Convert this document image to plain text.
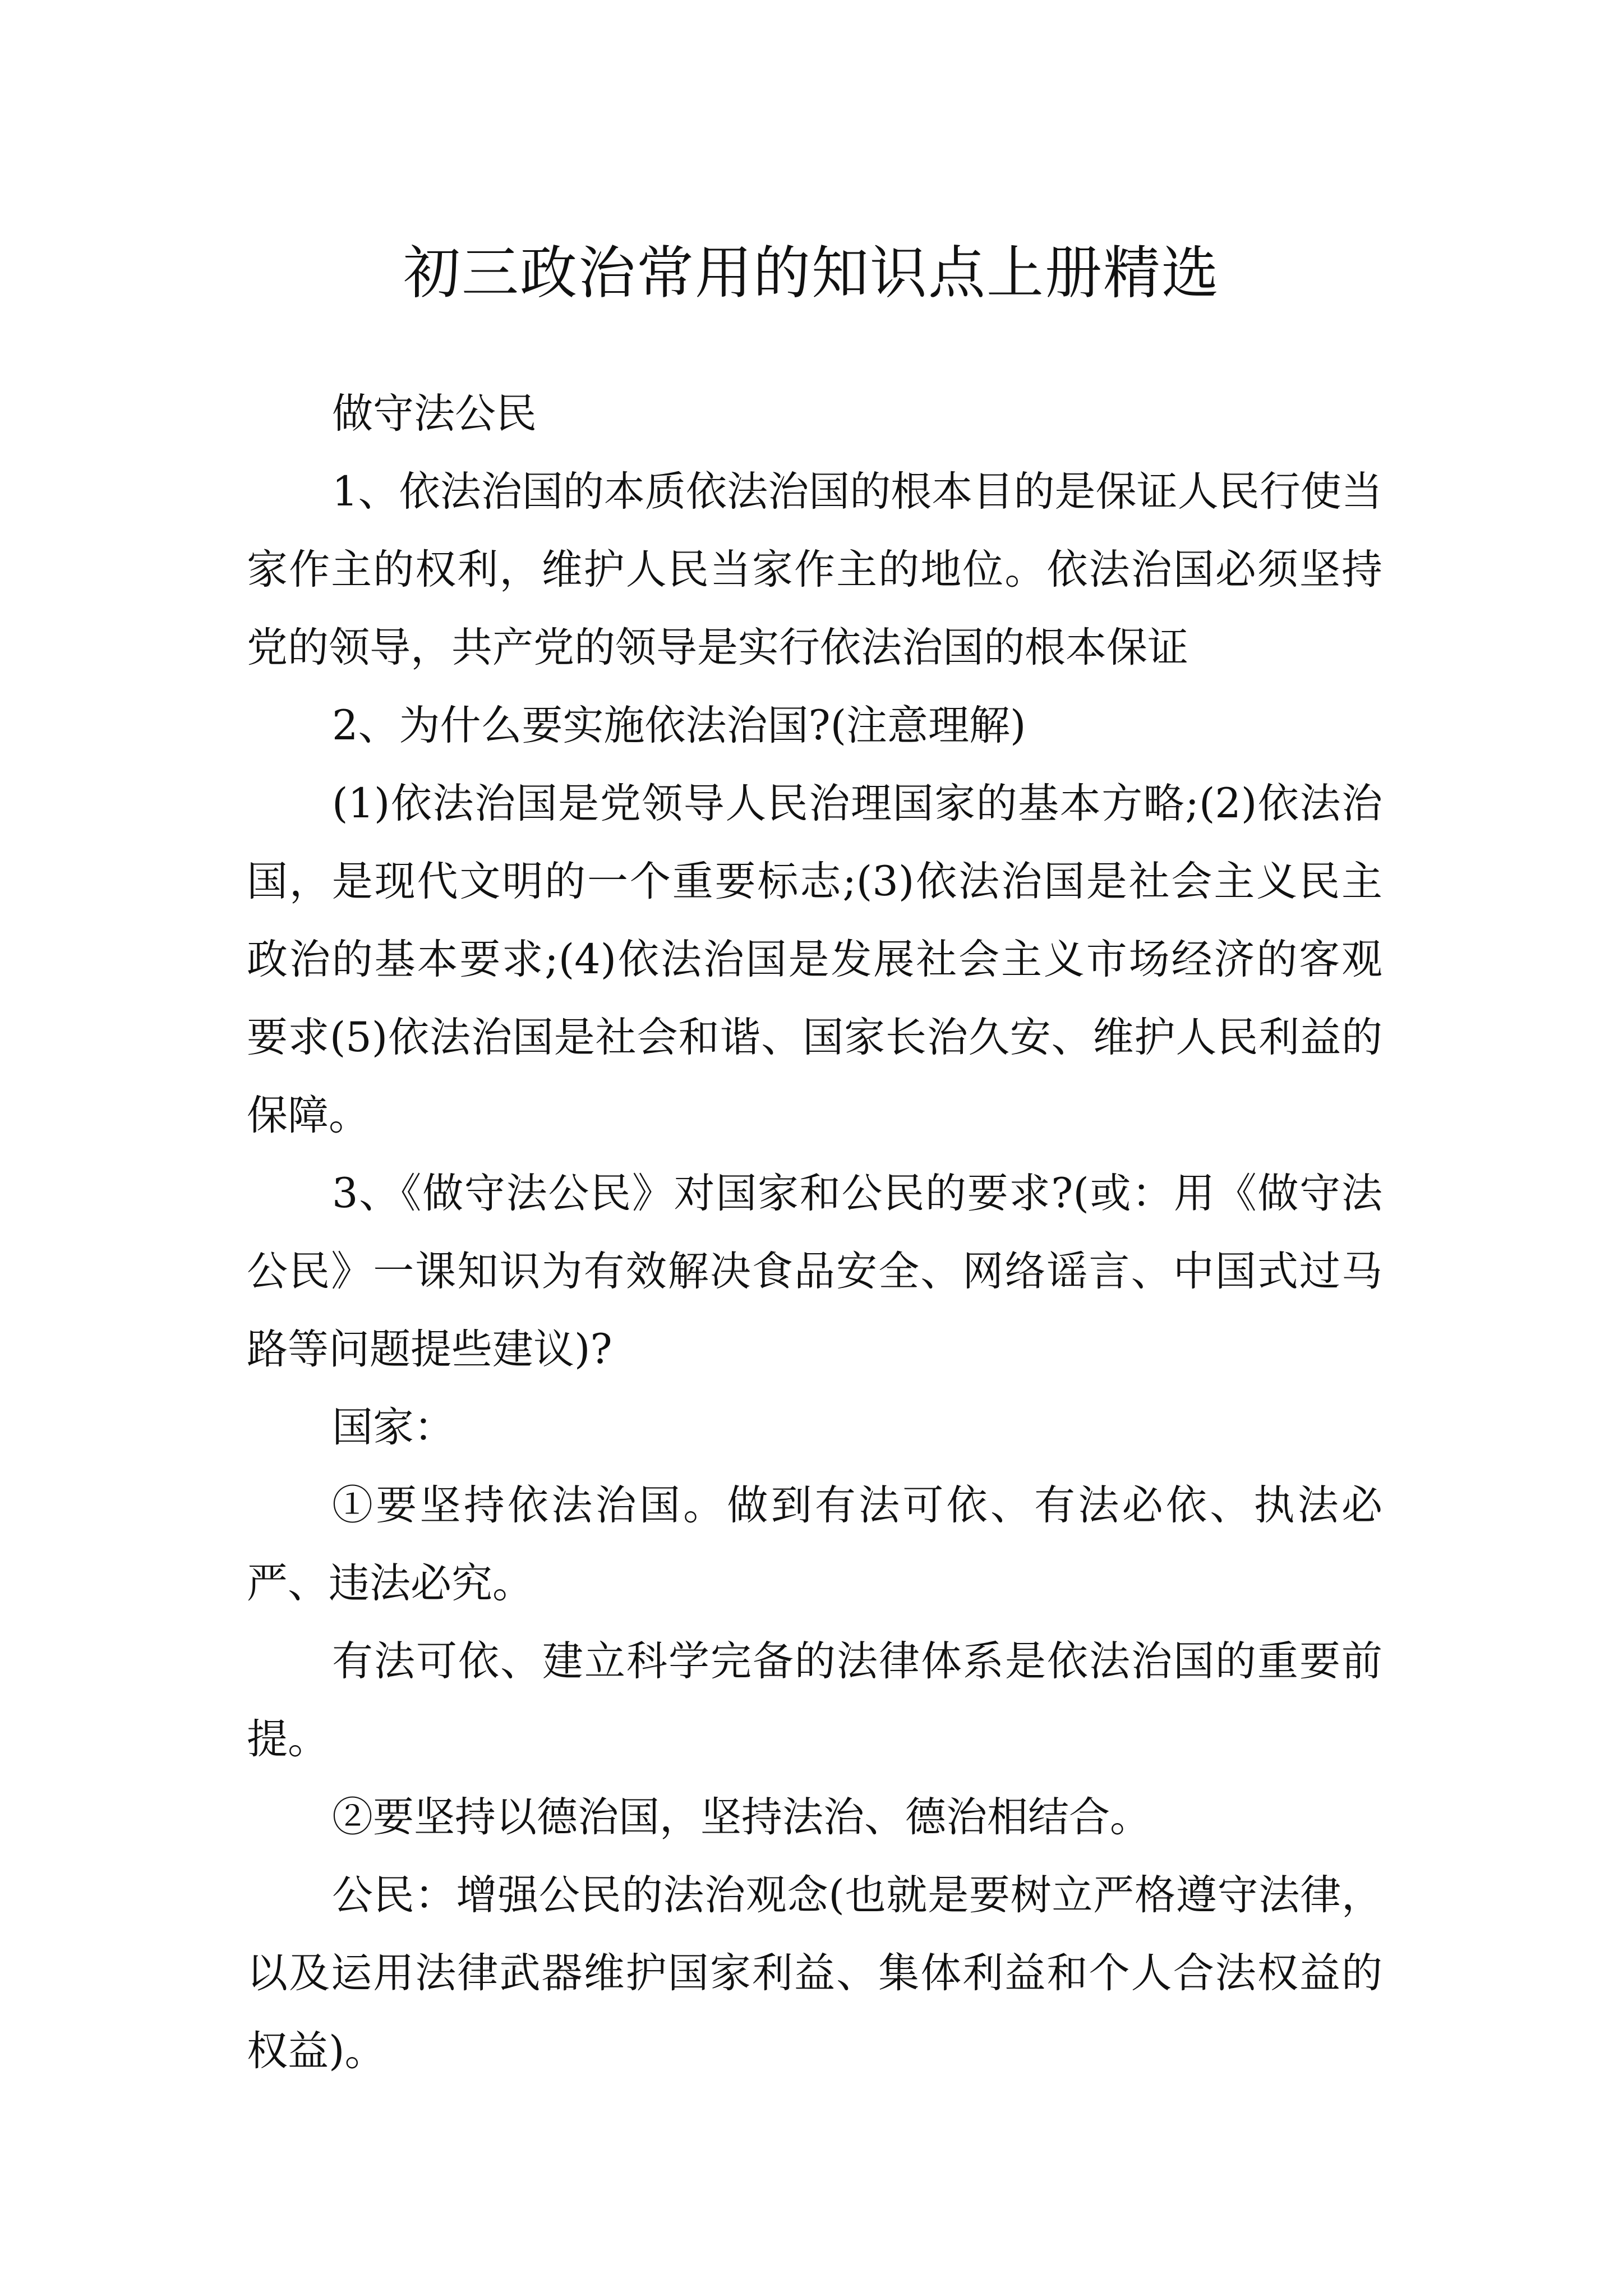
初三政治常用的知识点上册精选

做守法公民

1、依法治国的本质依法治国的根本目的是保证人民行使当家作主的权利，维护人民当家作主的地位。依法治国必须坚持党的领导，共产党的领导是实行依法治国的根本保证

2、为什么要实施依法治国?(注意理解)

(1)依法治国是党领导人民治理国家的基本方略;(2)依法治国，是现代文明的一个重要标志;(3)依法治国是社会主义民主政治的基本要求;(4)依法治国是发展社会主义市场经济的客观要求(5)依法治国是社会和谐、国家长治久安、维护人民利益的保障。

3、《做守法公民》对国家和公民的要求?(或：用《做守法公民》一课知识为有效解决食品安全、网络谣言、中国式过马路等问题提些建议)?

国家：

①要坚持依法治国。做到有法可依、有法必依、执法必严、违法必究。

有法可依、建立科学完备的法律体系是依法治国的重要前提。

②要坚持以德治国，坚持法治、德治相结合。

公民：增强公民的法治观念(也就是要树立严格遵守法律，以及运用法律武器维护国家利益、集体利益和个人合法权益的权益)。
